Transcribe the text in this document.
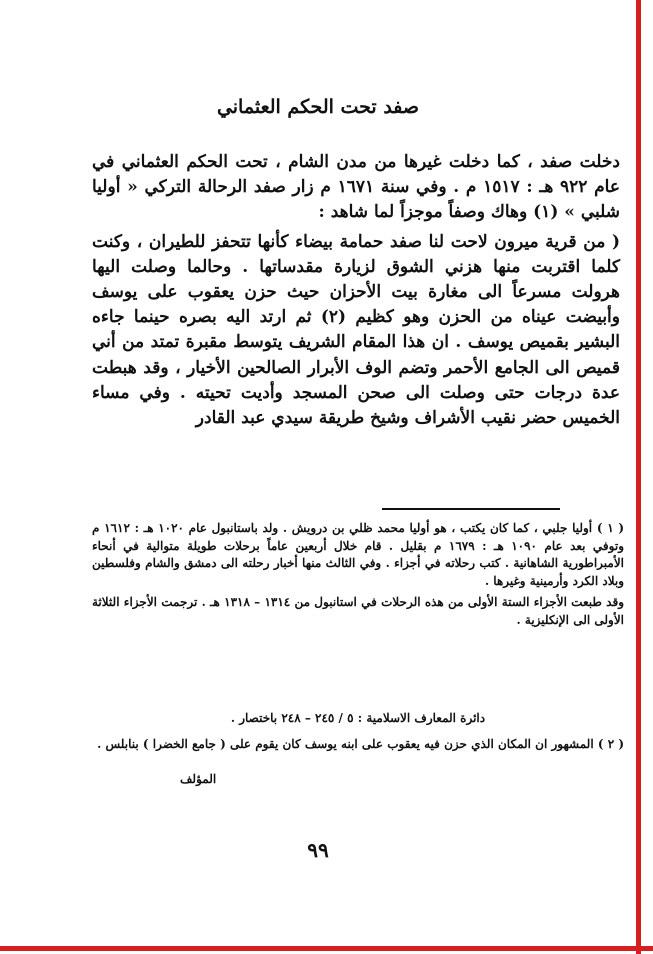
صفد تحت الحكم العثماني

دخلت صفد ، كما دخلت غيرها من مدن الشام ، تحت الحكم العثماني في عام ٩٢٢ هـ : ١٥١٧ م . وفي سنة ١٦٧١ م زار صفد الرحالة التركي « أوليا شلبي » (١) وهاك وصفاً موجزاً لما شاهد :

( من قرية ميرون لاحت لنا صفد حمامة بيضاء كأنها تتحفز للطيران ، وكنت كلما اقتربت منها هزني الشوق لزيارة مقدساتها . وحالما وصلت اليها هرولت مسرعاً الى مغارة بيت الأحزان حيث حزن يعقوب على يوسف وأبيضت عيناه من الحزن وهو كظيم (٢) ثم ارتد اليه بصره حينما جاءه البشير بقميص يوسف . ان هذا المقام الشريف يتوسط مقبرة تمتد من أني قميص الى الجامع الأحمر وتضم الوف الأبرار الصالحين الأخيار ، وقد هبطت عدة درجات حتى وصلت الى صحن المسجد وأديت تحيته . وفي مساء الخميس حضر نقيب الأشراف وشيخ طريقة سيدي عبد القادر

( ١ ) أوليا جلبي ، كما كان يكتب ، هو أوليا محمد ظلي بن درويش . ولد باستانبول عام ١٠٢٠ هـ : ١٦١٢ م وتوفي بعد عام ١٠٩٠ هـ : ١٦٧٩ م بقليل . قام خلال أربعين عاماً برحلات طويلة متوالية في أنحاء الأمبراطورية الشاهانية . كتب رحلاته في أجزاء . وفي الثالث منها أخبار رحلته الى دمشق والشام وفلسطين وبلاد الكرد وأرمينية وغيرها .

وقد طبعت الأجزاء الستة الأولى من هذه الرحلات في استانبول من ١٣١٤ – ١٣١٨ هـ . ترجمت الأجزاء الثلاثة الأولى الى الإنكليزية .

دائرة المعارف الاسلامية : ٥ / ٢٤٥ – ٢٤٨ باختصار .
( ٢ ) المشهور ان المكان الذي حزن فيه يعقوب على ابنه يوسف كان يقوم على ( جامع الخضرا ) بنابلس .
المؤلف
٩٩
